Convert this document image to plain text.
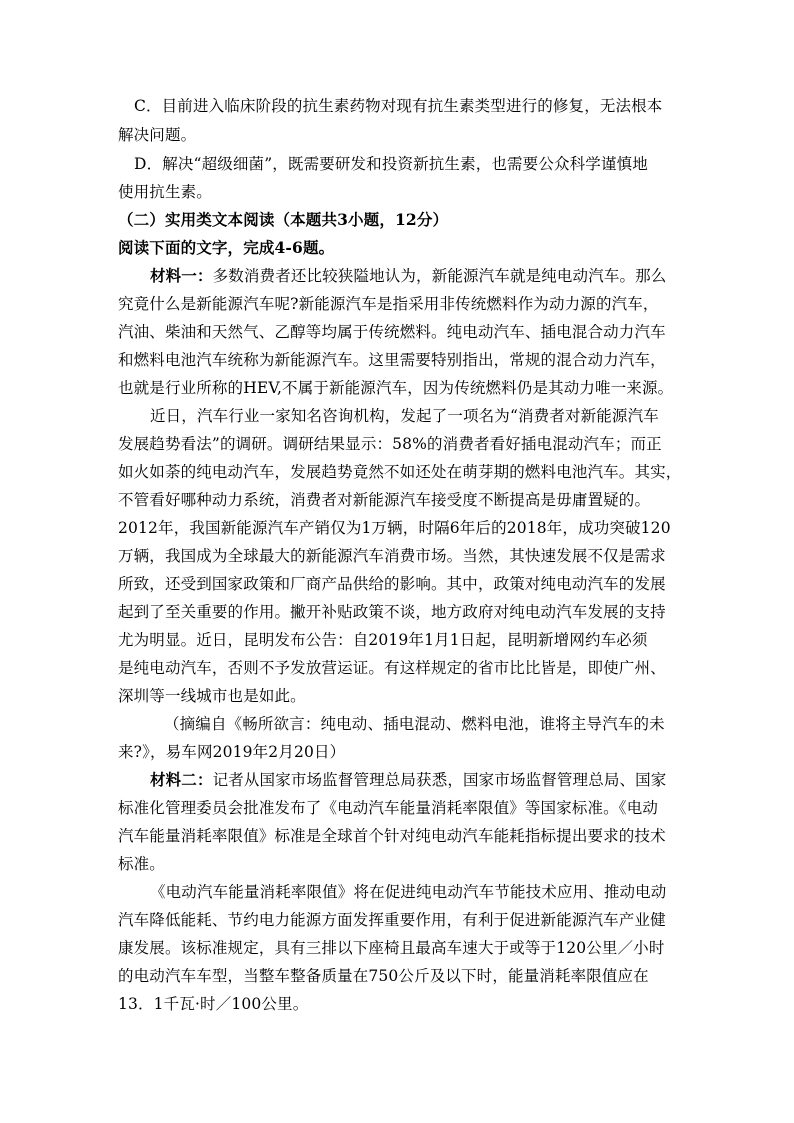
C．目前进入临床阶段的抗生素药物对现有抗生素类型进行的修复，无法根本
解决问题。
D．解决“超级细菌”，既需要研发和投资新抗生素，也需要公众科学谨慎地
使用抗生素。
（二）实用类文本阅读（本题共3小题，12分）
阅读下面的文字，完成4-6题。
材料一：多数消费者还比较狭隘地认为，新能源汽车就是纯电动汽车。那么
究竟什么是新能源汽车呢?新能源汽车是指采用非传统燃料作为动力源的汽车，
汽油、柴油和天然气、乙醇等均属于传统燃料。纯电动汽车、插电混合动力汽车
和燃料电池汽车统称为新能源汽车。这里需要特别指出，常规的混合动力汽车，
也就是行业所称的HEV,不属于新能源汽车，因为传统燃料仍是其动力唯一来源。
近日，汽车行业一家知名咨询机构，发起了一项名为“消费者对新能源汽车
发展趋势看法”的调研。调研结果显示：58%的消费者看好插电混动汽车；而正
如火如荼的纯电动汽车，发展趋势竟然不如还处在萌芽期的燃料电池汽车。其实，
不管看好哪种动力系统，消费者对新能源汽车接受度不断提高是毋庸置疑的。
2012年，我国新能源汽车产销仅为1万辆，时隔6年后的2018年，成功突破120
万辆，我国成为全球最大的新能源汽车消费市场。当然，其快速发展不仅是需求
所致，还受到国家政策和厂商产品供给的影响。其中，政策对纯电动汽车的发展
起到了至关重要的作用。撇开补贴政策不谈，地方政府对纯电动汽车发展的支持
尤为明显。近日，昆明发布公告：自2019年1月1日起，昆明新增网约车必须
是纯电动汽车，否则不予发放营运证。有这样规定的省市比比皆是，即使广州、
深圳等一线城市也是如此。
（摘编自《畅所欲言：纯电动、插电混动、燃料电池，谁将主导汽车的未
来?》，易车网2019年2月20日）
材料二：记者从国家市场监督管理总局获悉，国家市场监督管理总局、国家
标准化管理委员会批准发布了《电动汽车能量消耗率限值》等国家标准。《电动
汽车能量消耗率限值》标准是全球首个针对纯电动汽车能耗指标提出要求的技术
标准。
《电动汽车能量消耗率限值》将在促进纯电动汽车节能技术应用、推动电动
汽车降低能耗、节约电力能源方面发挥重要作用，有利于促进新能源汽车产业健
康发展。该标准规定，具有三排以下座椅且最高车速大于或等于120公里／小时
的电动汽车车型，当整车整备质量在750公斤及以下时，能量消耗率限值应在
13．1千瓦·时／100公里。
